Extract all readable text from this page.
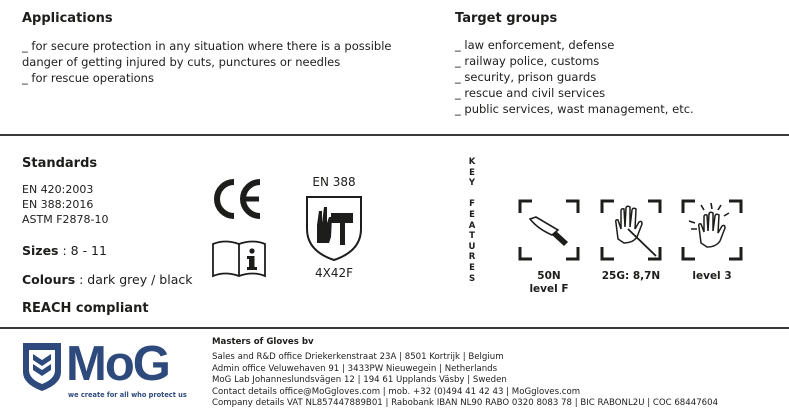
Applications
_ for secure protection in any situation where there is a possible
danger of getting injured by cuts, punctures or needles
_ for rescue operations
Target groups
_ law enforcement, defense
_ railway police, customs
_ security, prison guards
_ rescue and civil services
_ public services, wast management, etc.
Standards
EN 420:2003
EN 388:2016
ASTM F2878-10
Sizes : 8 - 11
Colours : dark grey / black
REACH compliant
EN 388
4X42F
K
E
Y
F
E
A
T
U
R
E
S	50N
level F
25G: 8,7N	level 3
MoG
we create for all who protect us
Masters of Gloves bv
Sales and R&D office Driekerkenstraat 23A | 8501 Kortrijk | Belgium
Admin office Veluwehaven 91 | 3433PW Nieuwegein | Netherlands
MoG Lab Johanneslundsvägen 12 | 194 61 Upplands Väsby | Sweden
Contact details office@MoGgloves.com | mob. +32 (0)494 41 42 43 | MoGgloves.com
Company details VAT NL857447889B01 | Rabobank IBAN NL90 RABO 0320 8083 78 | BIC RABONL2U | COC 68447604
